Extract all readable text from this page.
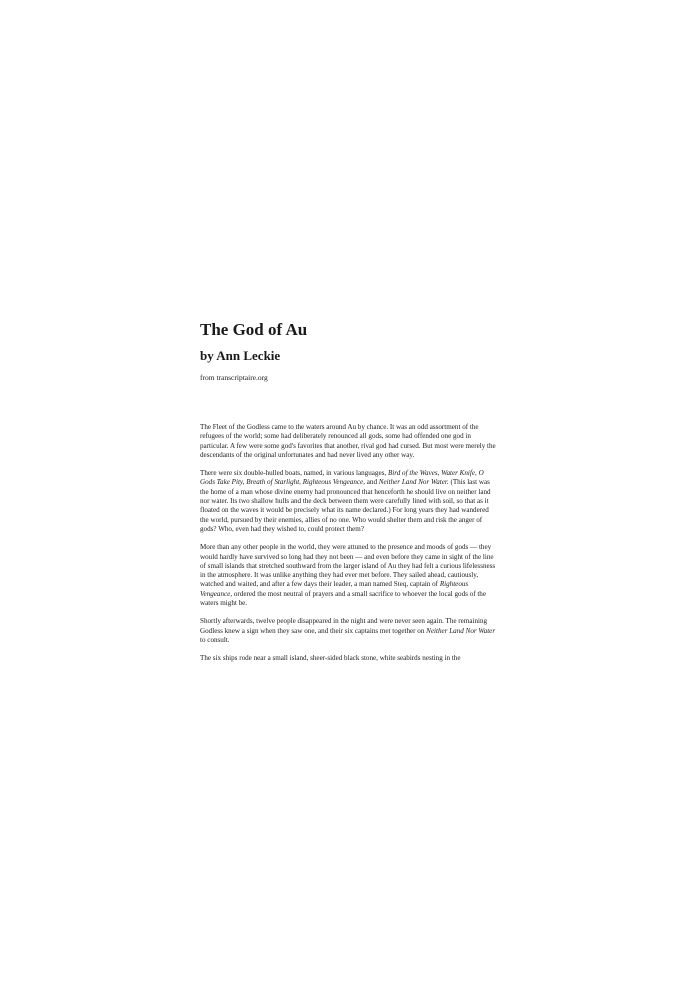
The God of Au
by Ann Leckie

from transcriptaire.org

The Fleet of the Godless came to the waters around Au by chance. It was an odd assortment of the refugees of the world; some had deliberately renounced all gods, some had offended one god in particular. A few were some god's favorites that another, rival god had cursed. But most were merely the descendants of the original unfortunates and had never lived any other way.

There were six double-hulled boats, named, in various languages, Bird of the Waves, Water Knife, O Gods Take Pity, Breath of Starlight, Righteous Vengeance, and Neither Land Nor Water. (This last was the home of a man whose divine enemy had pronounced that henceforth he should live on neither land nor water. Its two shallow hulls and the deck between them were carefully lined with soil, so that as it floated on the waves it would be precisely what its name declared.) For long years they had wandered the world, pursued by their enemies, allies of no one. Who would shelter them and risk the anger of gods? Who, even had they wished to, could protect them?

More than any other people in the world, they were attuned to the presence and moods of gods — they would hardly have survived so long had they not been — and even before they came in sight of the line of small islands that stretched southward from the larger island of Au they had felt a curious lifelessness in the atmosphere. It was unlike anything they had ever met before. They sailed ahead, cautiously, watched and waited, and after a few days their leader, a man named Steq, captain of Righteous Vengeance, ordered the most neutral of prayers and a small sacrifice to whoever the local gods of the waters might be.

Shortly afterwards, twelve people disappeared in the night and were never seen again. The remaining Godless knew a sign when they saw one, and their six captains met together on Neither Land Nor Water to consult.

The six ships rode near a small island, sheer-sided black stone, white seabirds nesting in the
